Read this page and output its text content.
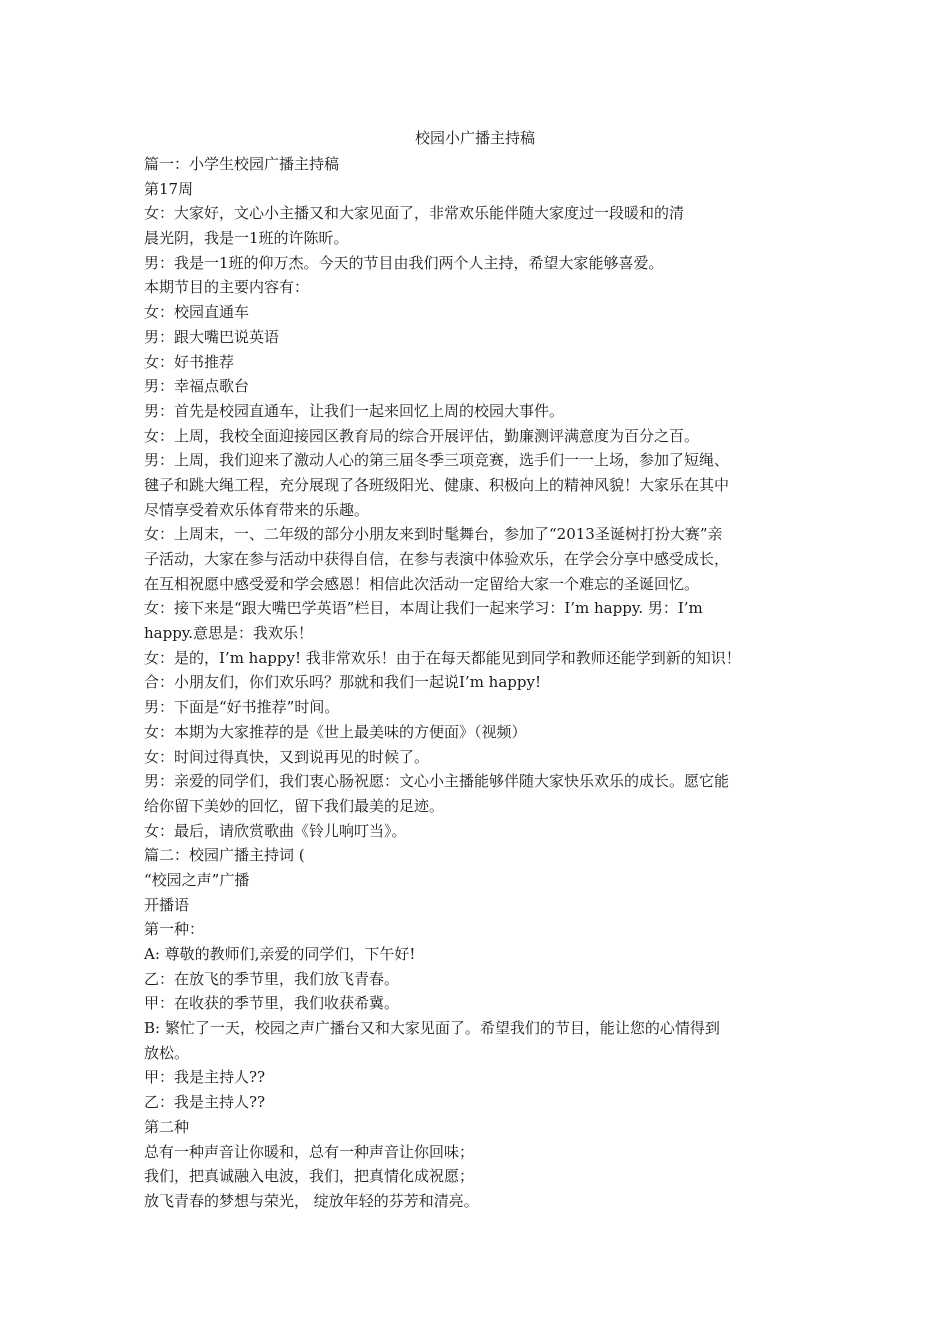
校园小广播主持稿
篇一：小学生校园广播主持稿
第17周
女：大家好，文心小主播又和大家见面了，非常欢乐能伴随大家度过一段暖和的清
晨光阴，我是一1班的许陈昕。
男：我是一1班的仰万杰。今天的节目由我们两个人主持，希望大家能够喜爱。
本期节目的主要内容有：
女：校园直通车
男：跟大嘴巴说英语
女：好书推荐
男：幸福点歌台
男：首先是校园直通车，让我们一起来回忆上周的校园大事件。
女：上周，我校全面迎接园区教育局的综合开展评估，勤廉测评满意度为百分之百。
男：上周，我们迎来了激动人心的第三届冬季三项竞赛，选手们一一上场，参加了短绳、
毽子和跳大绳工程，充分展现了各班级阳光、健康、积极向上的精神风貌！大家乐在其中
尽情享受着欢乐体育带来的乐趣。
女：上周末，一、二年级的部分小朋友来到时髦舞台，参加了“2013圣诞树打扮大赛”亲
子活动，大家在参与活动中获得自信，在参与表演中体验欢乐，在学会分享中感受成长，
在互相祝愿中感受爱和学会感恩！相信此次活动一定留给大家一个难忘的圣诞回忆。
女：接下来是“跟大嘴巴学英语”栏目，本周让我们一起来学习：I’m happy. 男：I’m
happy.意思是：我欢乐！
女：是的，I’m happy! 我非常欢乐！由于在每天都能见到同学和教师还能学到新的知识！
合：小朋友们，你们欢乐吗？那就和我们一起说I’m happy!
男：下面是“好书推荐”时间。
女：本期为大家推荐的是《世上最美味的方便面》（视频）
女：时间过得真快，又到说再见的时候了。
男：亲爱的同学们，我们衷心肠祝愿：文心小主播能够伴随大家快乐欢乐的成长。愿它能
给你留下美妙的回忆，留下我们最美的足迹。
女：最后，请欣赏歌曲《铃儿响叮当》。
篇二：校园广播主持词 (
“校园之声”广播
开播语
第一种：
A: 尊敬的教师们,亲爱的同学们，下午好!
乙：在放飞的季节里，我们放飞青春。
甲：在收获的季节里，我们收获希冀。
B: 繁忙了一天，校园之声广播台又和大家见面了。希望我们的节目，能让您的心情得到
放松。
甲：我是主持人??
乙：我是主持人??
第二种
总有一种声音让你暖和，总有一种声音让你回味；
我们，把真诚融入电波，我们，把真情化成祝愿；
放飞青春的梦想与荣光， 绽放年轻的芬芳和清亮。
